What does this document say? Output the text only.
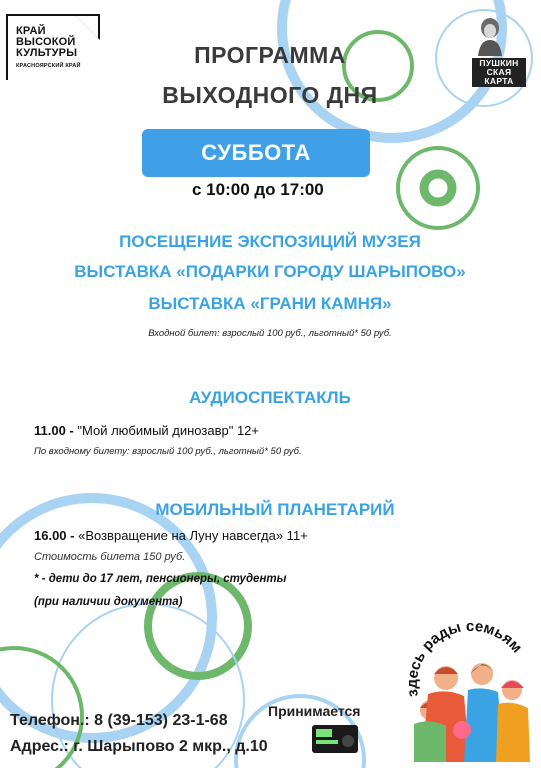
КРАЙ
ВЫСОКОЙ
КУЛЬТУРЫ
КРАСНОЯРСКИЙ КРАЙ	ПУШКИН
СКАЯ
КАРТА
ПРОГРАММА
ВЫХОДНОГО ДНЯ
СУББОТА
с 10:00 до 17:00
ПОСЕЩЕНИЕ ЭКСПОЗИЦИЙ МУЗЕЯ
ВЫСТАВКА «ПОДАРКИ ГОРОДУ ШАРЫПОВО»
ВЫСТАВКА «ГРАНИ КАМНЯ»
Входной билет: взрослый 100 руб., льготный* 50 руб.
АУДИОСПЕКТАКЛЬ
11.00 - "Мой любимый динозавр" 12+
По входному билету: взрослый 100 руб., льготный* 50 руб.
МОБИЛЬНЫЙ ПЛАНЕТАРИЙ
16.00 - «Возвращение на Луну навсегда» 11+
Стоимость билета 150 руб.
* - дети до 17 лет, пенсионеры, студенты
(при наличии документа)
Телефон.: 8 (39-153) 23-1-68
Адрес.: г. Шарыпово 2 мкр., д.10
Принимается
здесь рады семьям
